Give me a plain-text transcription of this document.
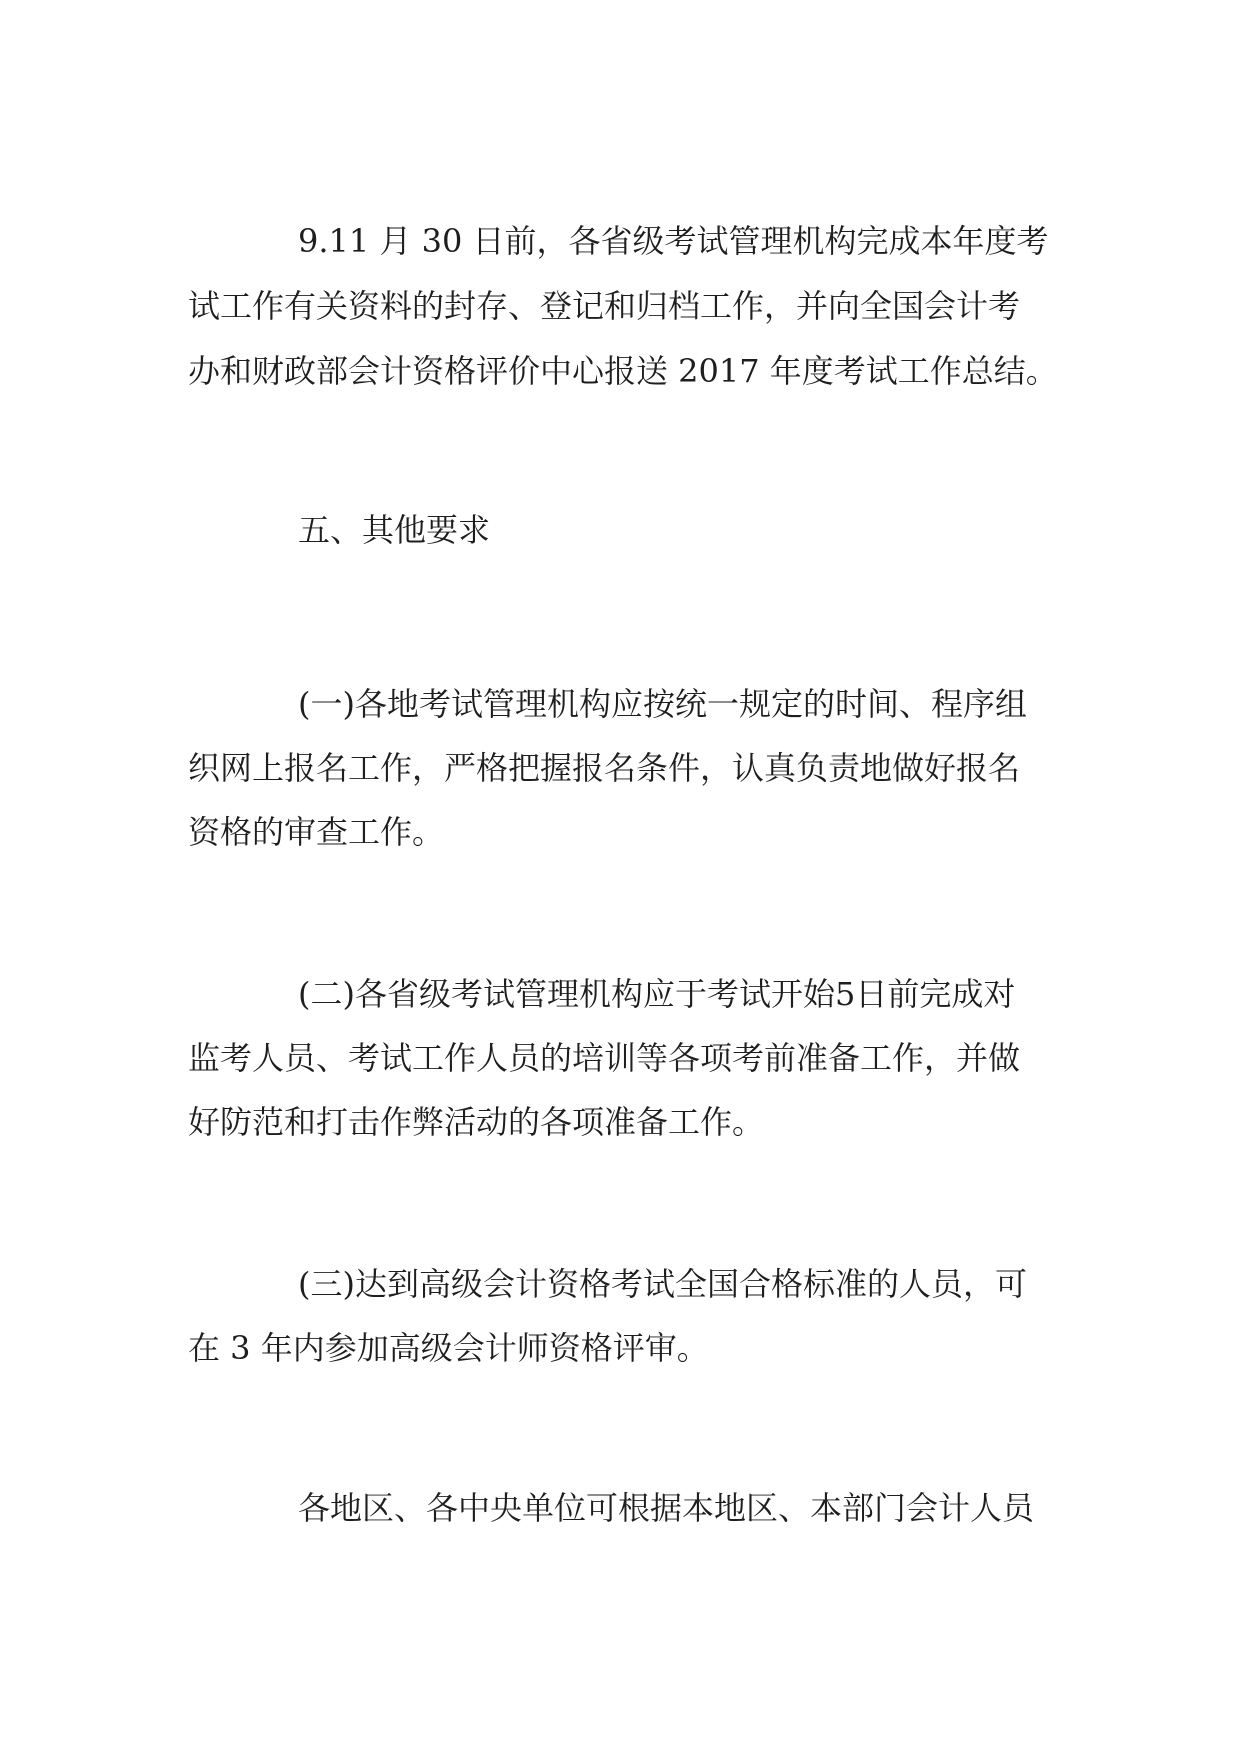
9.11 月 30 日前，各省级考试管理机构完成本年度考
试工作有关资料的封存、登记和归档工作，并向全国会计考
办和财政部会计资格评价中心报送 2017 年度考试工作总结。
五、其他要求
(一)各地考试管理机构应按统一规定的时间、程序组
织网上报名工作，严格把握报名条件，认真负责地做好报名
资格的审查工作。
(二)各省级考试管理机构应于考试开始5日前完成对
监考人员、考试工作人员的培训等各项考前准备工作，并做
好防范和打击作弊活动的各项准备工作。
(三)达到高级会计资格考试全国合格标准的人员，可
在 3 年内参加高级会计师资格评审。
各地区、各中央单位可根据本地区、本部门会计人员
